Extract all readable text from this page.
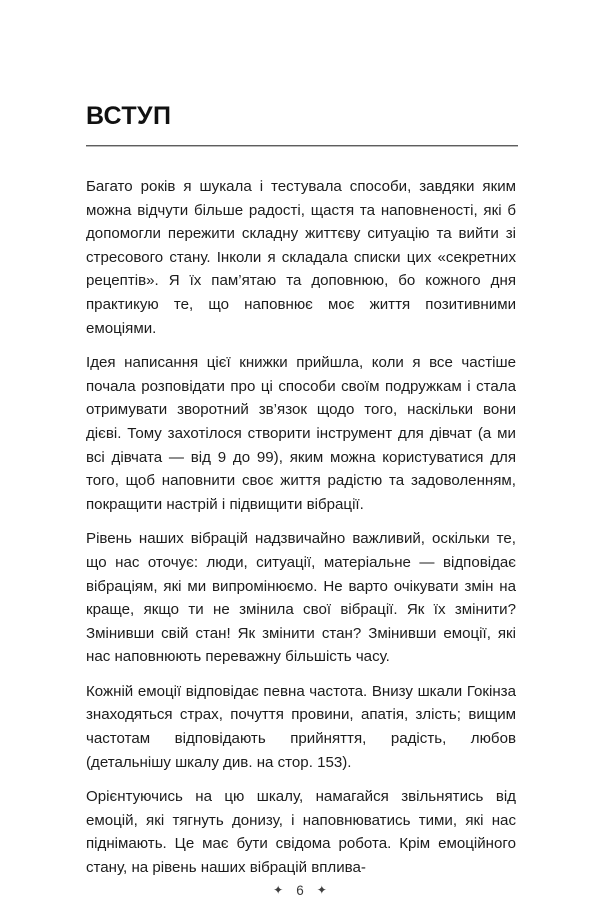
ВСТУП

Багато років я шукала і тестувала способи, завдяки яким можна відчути більше радості, щастя та наповненості, які б допомогли пережити складну життєву ситуацію та вийти зі стресового стану. Інколи я складала списки цих «секретних рецептів». Я їх пам’ятаю та доповнюю, бо кожного дня практикую те, що наповнює моє життя позитивними емоціями.

Ідея написання цієї книжки прийшла, коли я все частіше почала розповідати про ці способи своїм подружкам і стала отримувати зворотний зв’язок щодо того, наскільки вони дієві. Тому захотілося створити інструмент для дівчат (а ми всі дівчата — від 9 до 99), яким можна користуватися для того, щоб наповнити своє життя радістю та задоволенням, покращити настрій і підвищити вібрації.

Рівень наших вібрацій надзвичайно важливий, оскільки те, що нас оточує: люди, ситуації, матеріальне — відповідає вібраціям, які ми випромінюємо. Не варто очікувати змін на краще, якщо ти не змінила свої вібрації. Як їх змінити? Змінивши свій стан! Як змінити стан? Змінивши емоції, які нас наповнюють переважну більшість часу.

Кожній емоції відповідає певна частота. Внизу шкали Гокінза знаходяться страх, почуття провини, апатія, злість; вищим частотам відповідають прийняття, радість, любов (детальнішу шкалу див. на стор. 153).

Орієнтуючись на цю шкалу, намагайся звільнятись від емоцій, які тягнуть донизу, і наповнюватись тими, які нас піднімають. Це має бути свідома робота. Крім емоційного стану, на рівень наших вібрацій вплива-

✦ 6 ✦
